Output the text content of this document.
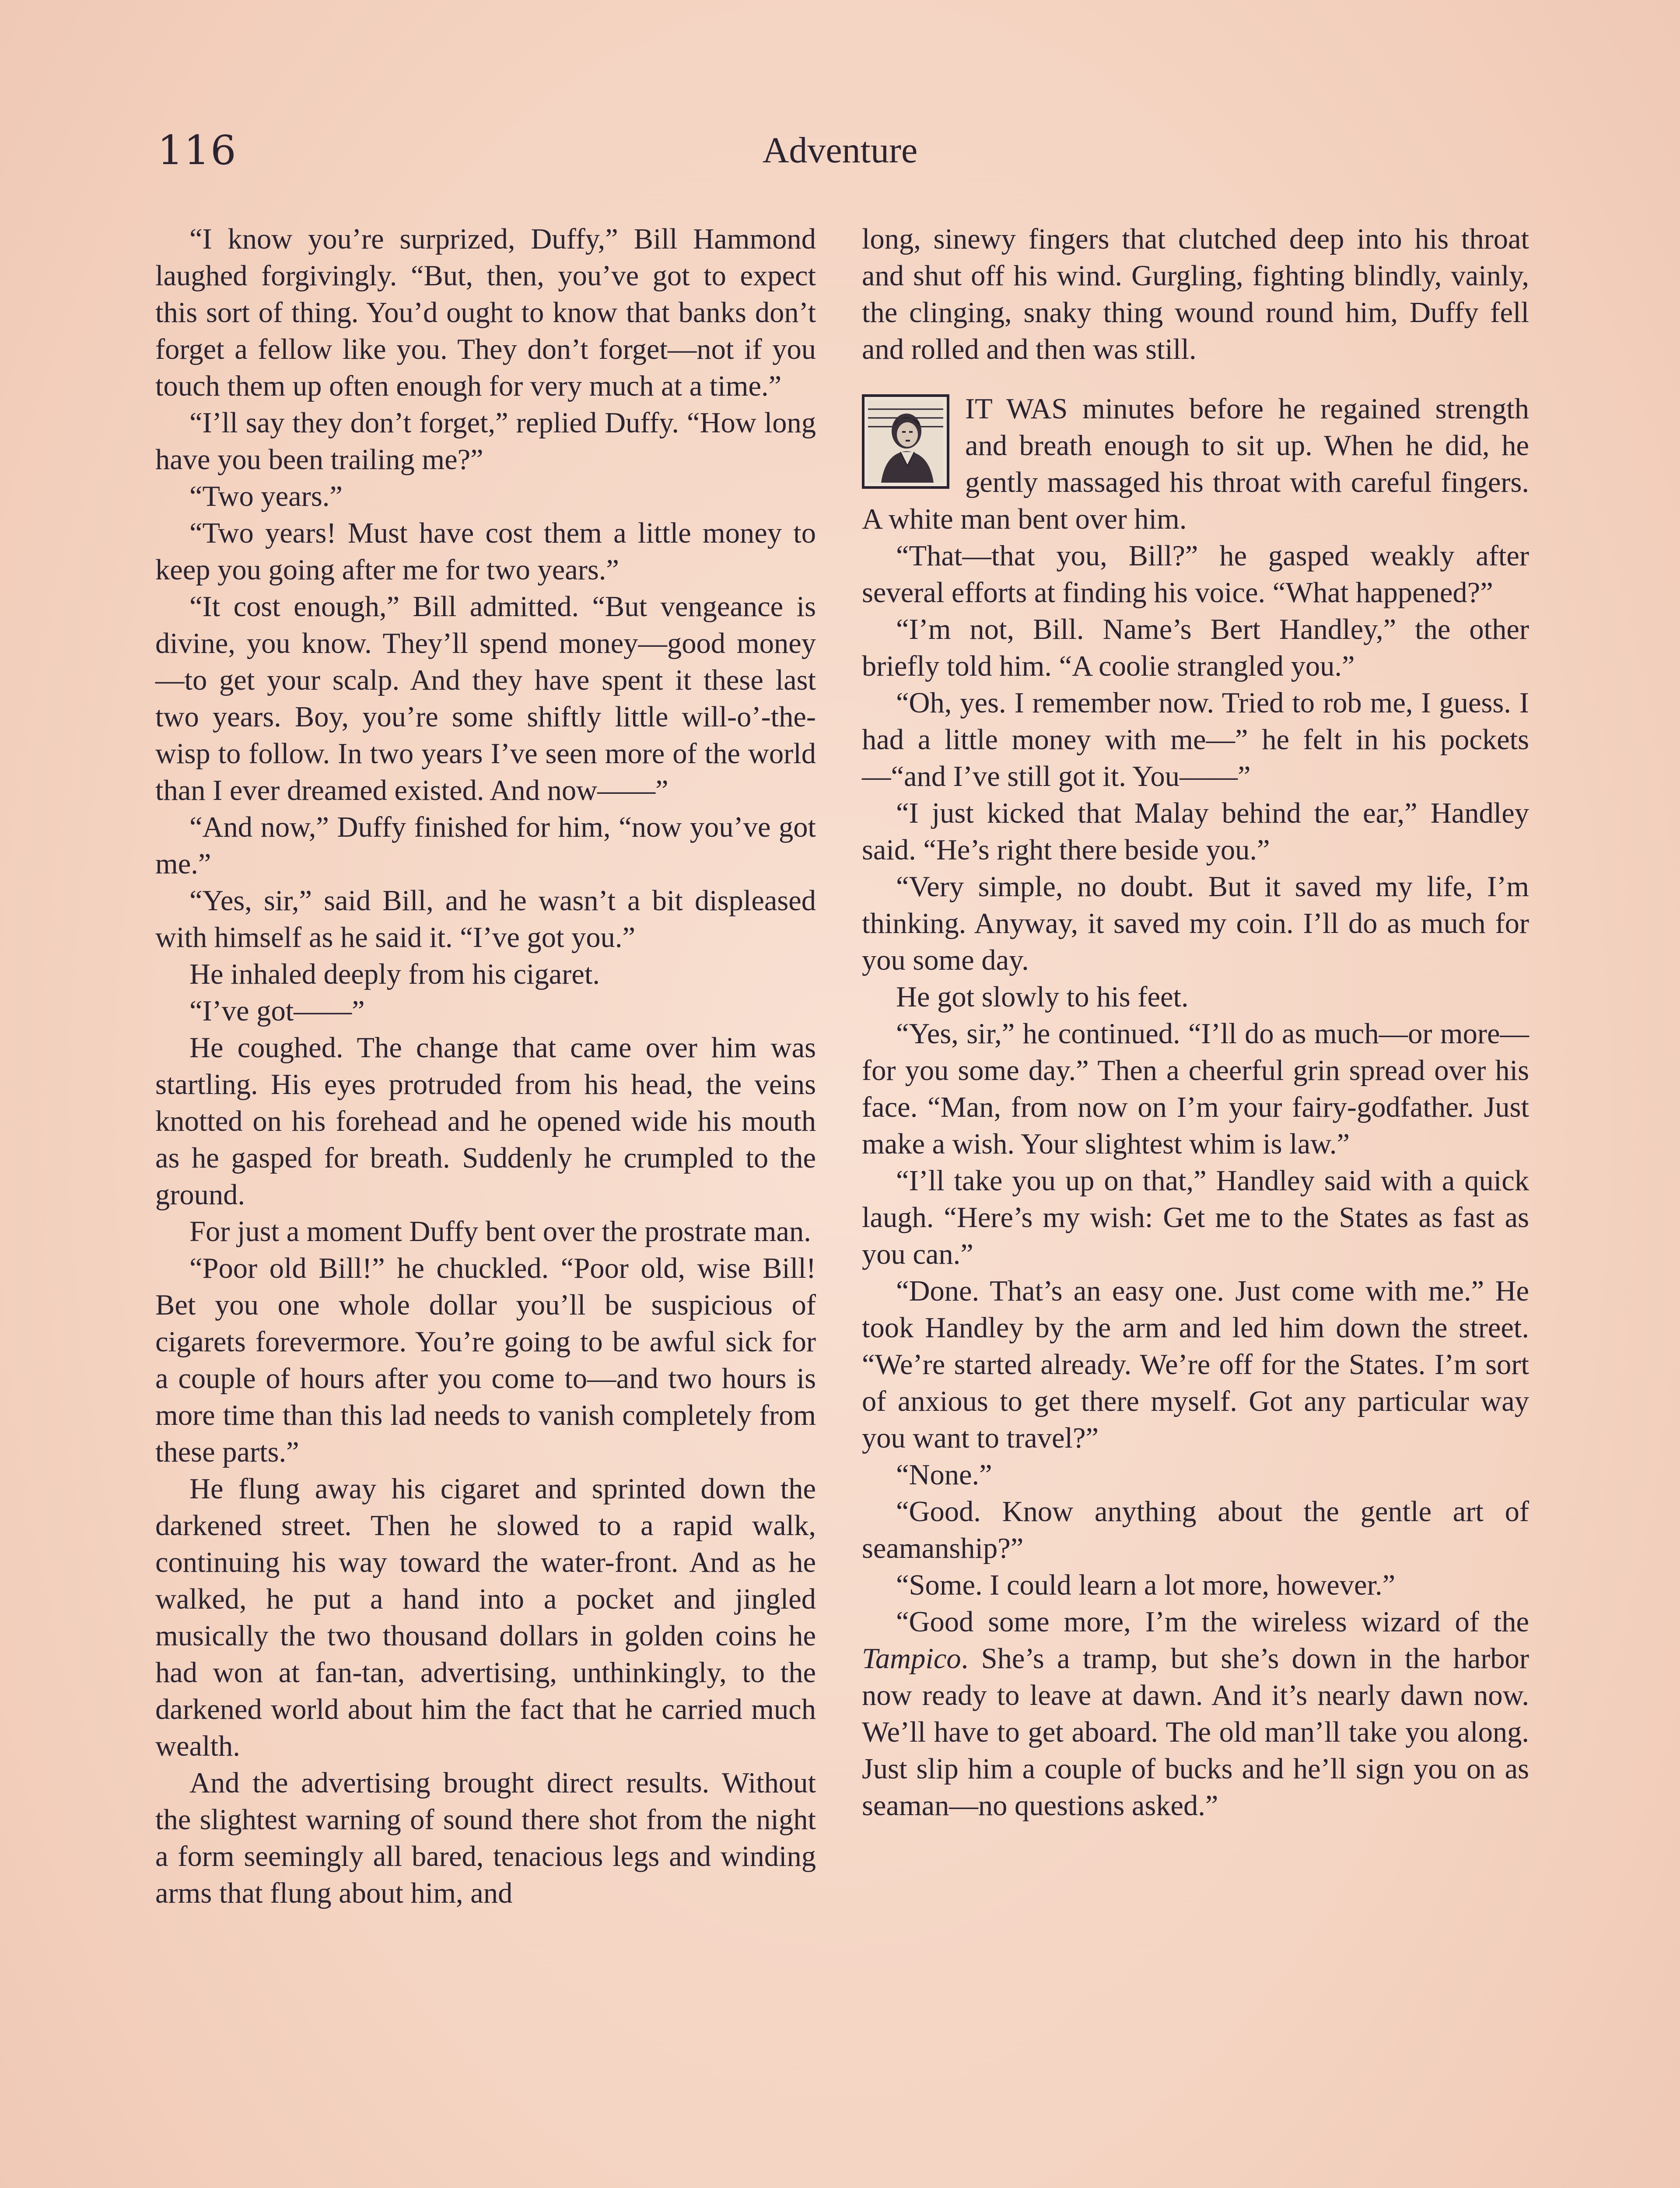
116	Adventure

“I know you’re surprized, Duffy,” Bill Hammond laughed forgivingly. “But, then, you’ve got to expect this sort of thing. You’d ought to know that banks don’t forget a fellow like you. They don’t forget—not if you touch them up often enough for very much at a time.”

“I’ll say they don’t forget,” replied Duffy. “How long have you been trailing me?”

“Two years.”

“Two years! Must have cost them a little money to keep you going after me for two years.”

“It cost enough,” Bill admitted. “But vengeance is divine, you know. They’ll spend money—good money—to get your scalp. And they have spent it these last two years. Boy, you’re some shiftly little will-o’-the-wisp to follow. In two years I’ve seen more of the world than I ever dreamed existed. And now——”

“And now,” Duffy finished for him, “now you’ve got me.”

“Yes, sir,” said Bill, and he wasn’t a bit displeased with himself as he said it. “I’ve got you.”

He inhaled deeply from his cigaret.

“I’ve got——”

He coughed. The change that came over him was startling. His eyes protruded from his head, the veins knotted on his forehead and he opened wide his mouth as he gasped for breath. Suddenly he crumpled to the ground.

For just a moment Duffy bent over the prostrate man.

“Poor old Bill!” he chuckled. “Poor old, wise Bill! Bet you one whole dollar you’ll be suspicious of cigarets forevermore. You’re going to be awful sick for a couple of hours after you come to—and two hours is more time than this lad needs to vanish completely from these parts.”

He flung away his cigaret and sprinted down the darkened street. Then he slowed to a rapid walk, continuing his way toward the water-front. And as he walked, he put a hand into a pocket and jingled musically the two thousand dollars in golden coins he had won at fan-tan, advertising, unthinkingly, to the darkened world about him the fact that he carried much wealth.

And the advertising brought direct results. Without the slightest warning of sound there shot from the night a form seemingly all bared, tenacious legs and winding arms that flung about him, and

long, sinewy fingers that clutched deep into his throat and shut off his wind. Gurgling, fighting blindly, vainly, the clinging, snaky thing wound round him, Duffy fell and rolled and then was still.

IT WAS minutes before he regained strength and breath enough to sit up. When he did, he gently massaged his throat with careful fingers. A white man bent over him.

“That—that you, Bill?” he gasped weakly after several efforts at finding his voice. “What happened?”

“I’m not, Bill. Name’s Bert Handley,” the other briefly told him. “A coolie strangled you.”

“Oh, yes. I remember now. Tried to rob me, I guess. I had a little money with me—” he felt in his pockets—“and I’ve still got it. You——”

“I just kicked that Malay behind the ear,” Handley said. “He’s right there beside you.”

“Very simple, no doubt. But it saved my life, I’m thinking. Anyway, it saved my coin. I’ll do as much for you some day.

He got slowly to his feet.

“Yes, sir,” he continued. “I’ll do as much—or more—for you some day.” Then a cheerful grin spread over his face. “Man, from now on I’m your fairy-godfather. Just make a wish. Your slightest whim is law.”

“I’ll take you up on that,” Handley said with a quick laugh. “Here’s my wish: Get me to the States as fast as you can.”

“Done. That’s an easy one. Just come with me.” He took Handley by the arm and led him down the street. “We’re started already. We’re off for the States. I’m sort of anxious to get there myself. Got any particular way you want to travel?”

“None.”

“Good. Know anything about the gentle art of seamanship?”

“Some. I could learn a lot more, however.”

“Good some more, I’m the wireless wizard of the Tampico. She’s a tramp, but she’s down in the harbor now ready to leave at dawn. And it’s nearly dawn now. We’ll have to get aboard. The old man’ll take you along. Just slip him a couple of bucks and he’ll sign you on as seaman—no questions asked.”
